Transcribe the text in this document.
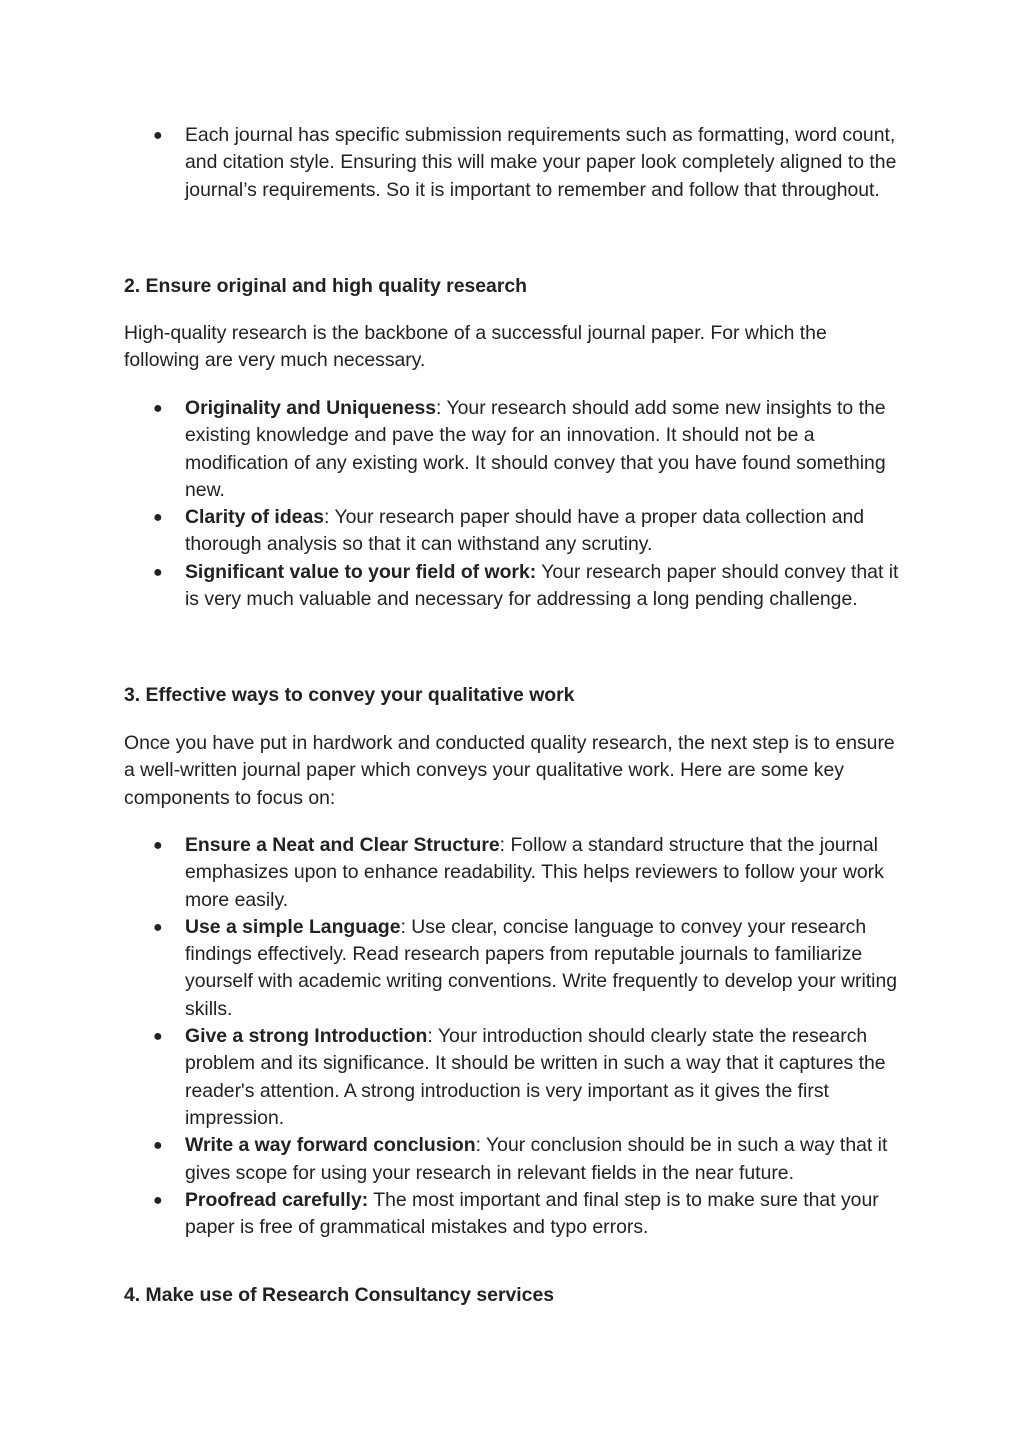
● Each journal has specific submission requirements such as formatting, word count, and citation style. Ensuring this will make your paper look completely aligned to the journal’s requirements. So it is important to remember and follow that throughout.
2. Ensure original and high quality research

High-quality research is the backbone of a successful journal paper. For which the following are very much necessary.

● Originality and Uniqueness: Your research should add some new insights to the existing knowledge and pave the way for an innovation. It should not be a modification of any existing work. It should convey that you have found something new.
● Clarity of ideas: Your research paper should have a proper data collection and thorough analysis so that it can withstand any scrutiny.
● Significant value to your field of work: Your research paper should convey that it is very much valuable and necessary for addressing a long pending challenge.
3. Effective ways to convey your qualitative work

Once you have put in hardwork and conducted quality research, the next step is to ensure a well-written journal paper which conveys your qualitative work. Here are some key components to focus on:

● Ensure a Neat and Clear Structure: Follow a standard structure that the journal emphasizes upon to enhance readability. This helps reviewers to follow your work more easily.
● Use a simple Language: Use clear, concise language to convey your research findings effectively. Read research papers from reputable journals to familiarize yourself with academic writing conventions. Write frequently to develop your writing skills.
● Give a strong Introduction: Your introduction should clearly state the research problem and its significance. It should be written in such a way that it captures the reader's attention. A strong introduction is very important as it gives the first impression.
● Write a way forward conclusion: Your conclusion should be in such a way that it gives scope for using your research in relevant fields in the near future.
● Proofread carefully: The most important and final step is to make sure that your paper is free of grammatical mistakes and typo errors.
4. Make use of Research Consultancy services
